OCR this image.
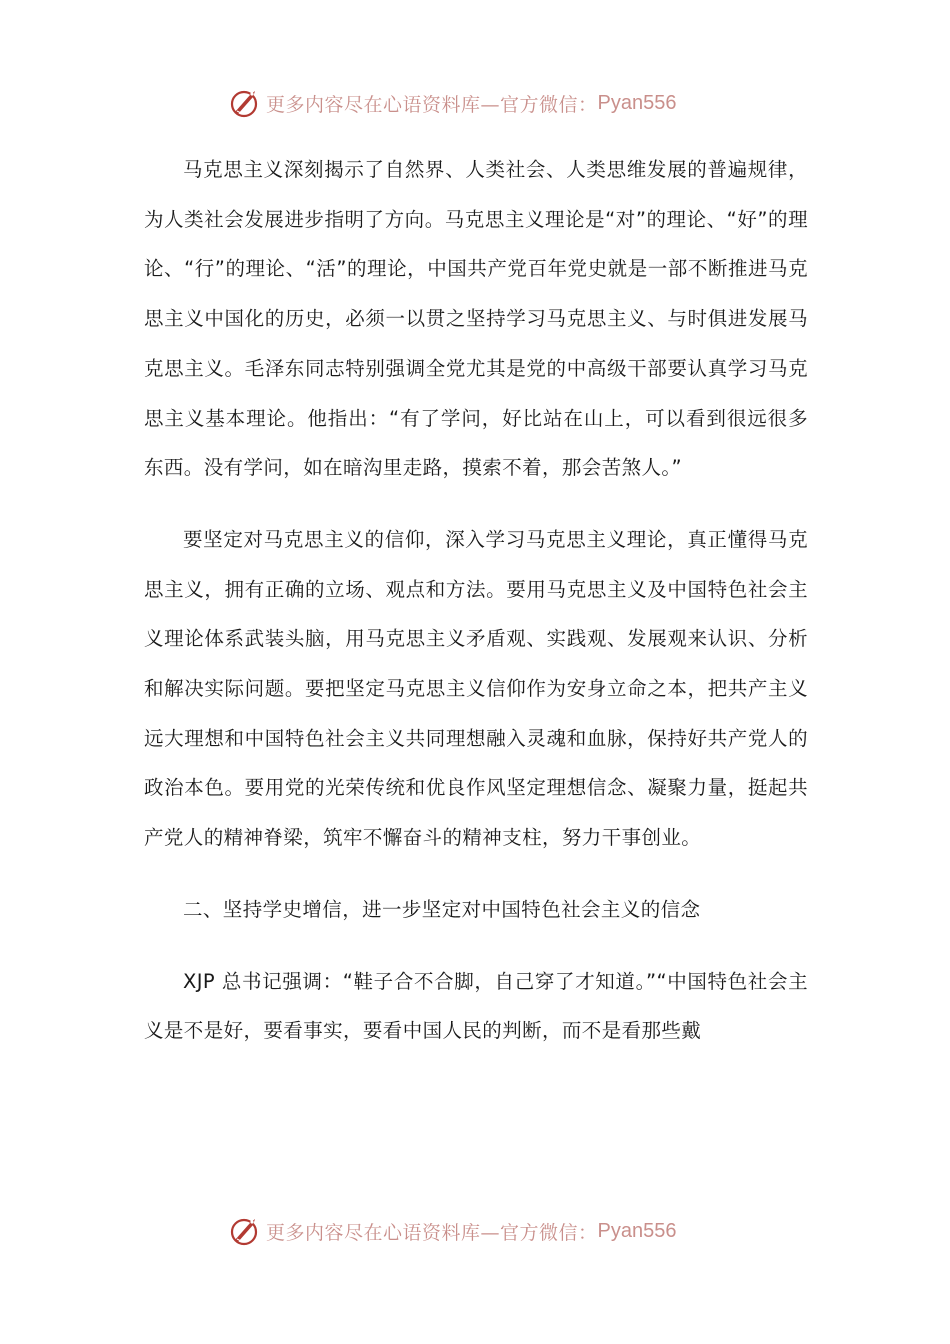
更多内容尽在心语资料库—官方微信： Pyan556

马克思主义深刻揭示了自然界、人类社会、人类思维发展的普遍规律，为人类社会发展进步指明了方向。马克思主义理论是“对”的理论、“好”的理论、“行”的理论、“活”的理论，中国共产党百年党史就是一部不断推进马克思主义中国化的历史，必须一以贯之坚持学习马克思主义、与时俱进发展马克思主义。毛泽东同志特别强调全党尤其是党的中高级干部要认真学习马克思主义基本理论。他指出：“有了学问，好比站在山上，可以看到很远很多东西。没有学问，如在暗沟里走路，摸索不着，那会苦煞人。”

要坚定对马克思主义的信仰，深入学习马克思主义理论，真正懂得马克思主义，拥有正确的立场、观点和方法。要用马克思主义及中国特色社会主义理论体系武装头脑，用马克思主义矛盾观、实践观、发展观来认识、分析和解决实际问题。要把坚定马克思主义信仰作为安身立命之本，把共产主义远大理想和中国特色社会主义共同理想融入灵魂和血脉，保持好共产党人的政治本色。要用党的光荣传统和优良作风坚定理想信念、凝聚力量，挺起共产党人的精神脊梁，筑牢不懈奋斗的精神支柱，努力干事创业。

二、坚持学史增信，进一步坚定对中国特色社会主义的信念

XJP 总书记强调：“鞋子合不合脚，自己穿了才知道。”“中国特色社会主义是不是好，要看事实，要看中国人民的判断，而不是看那些戴

更多内容尽在心语资料库—官方微信： Pyan556
